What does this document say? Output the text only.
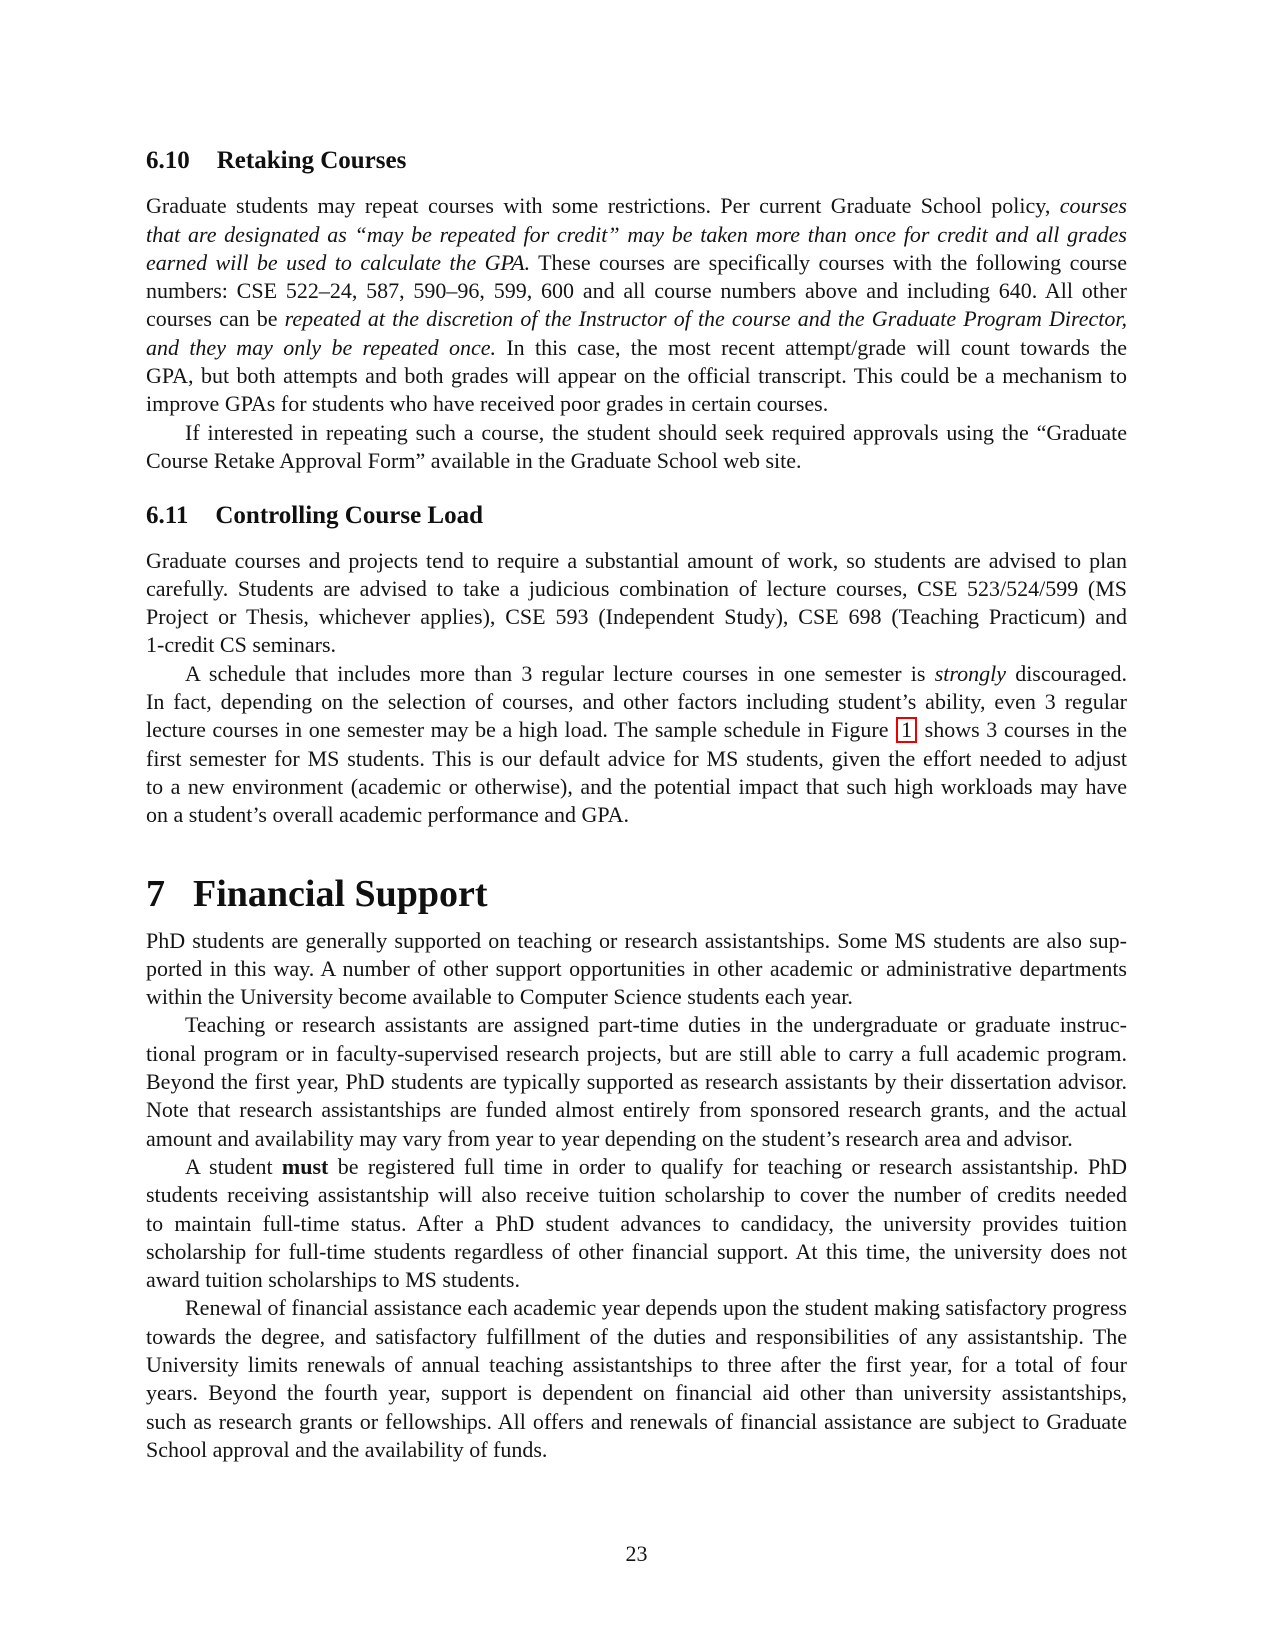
6.10 Retaking Courses
Graduate students may repeat courses with some restrictions. Per current Graduate School policy, courses
that are designated as “may be repeated for credit” may be taken more than once for credit and all grades
earned will be used to calculate the GPA. These courses are specifically courses with the following course
numbers: CSE 522–24, 587, 590–96, 599, 600 and all course numbers above and including 640. All other
courses can be repeated at the discretion of the Instructor of the course and the Graduate Program Director,
and they may only be repeated once. In this case, the most recent attempt/grade will count towards the
GPA, but both attempts and both grades will appear on the official transcript. This could be a mechanism to
improve GPAs for students who have received poor grades in certain courses.
If interested in repeating such a course, the student should seek required approvals using the “Graduate
Course Retake Approval Form” available in the Graduate School web site.
6.11 Controlling Course Load
Graduate courses and projects tend to require a substantial amount of work, so students are advised to plan
carefully. Students are advised to take a judicious combination of lecture courses, CSE 523/524/599 (MS
Project or Thesis, whichever applies), CSE 593 (Independent Study), CSE 698 (Teaching Practicum) and
1-credit CS seminars.
A schedule that includes more than 3 regular lecture courses in one semester is strongly discouraged.
In fact, depending on the selection of courses, and other factors including student’s ability, even 3 regular
lecture courses in one semester may be a high load. The sample schedule in Figure 1 shows 3 courses in the
first semester for MS students. This is our default advice for MS students, given the effort needed to adjust
to a new environment (academic or otherwise), and the potential impact that such high workloads may have
on a student’s overall academic performance and GPA.
7 Financial Support
PhD students are generally supported on teaching or research assistantships. Some MS students are also sup-
ported in this way. A number of other support opportunities in other academic or administrative departments
within the University become available to Computer Science students each year.
Teaching or research assistants are assigned part-time duties in the undergraduate or graduate instruc-
tional program or in faculty-supervised research projects, but are still able to carry a full academic program.
Beyond the first year, PhD students are typically supported as research assistants by their dissertation advisor.
Note that research assistantships are funded almost entirely from sponsored research grants, and the actual
amount and availability may vary from year to year depending on the student’s research area and advisor.
A student must be registered full time in order to qualify for teaching or research assistantship. PhD
students receiving assistantship will also receive tuition scholarship to cover the number of credits needed
to maintain full-time status. After a PhD student advances to candidacy, the university provides tuition
scholarship for full-time students regardless of other financial support. At this time, the university does not
award tuition scholarships to MS students.
Renewal of financial assistance each academic year depends upon the student making satisfactory progress
towards the degree, and satisfactory fulfillment of the duties and responsibilities of any assistantship. The
University limits renewals of annual teaching assistantships to three after the first year, for a total of four
years. Beyond the fourth year, support is dependent on financial aid other than university assistantships,
such as research grants or fellowships. All offers and renewals of financial assistance are subject to Graduate
School approval and the availability of funds.
23
